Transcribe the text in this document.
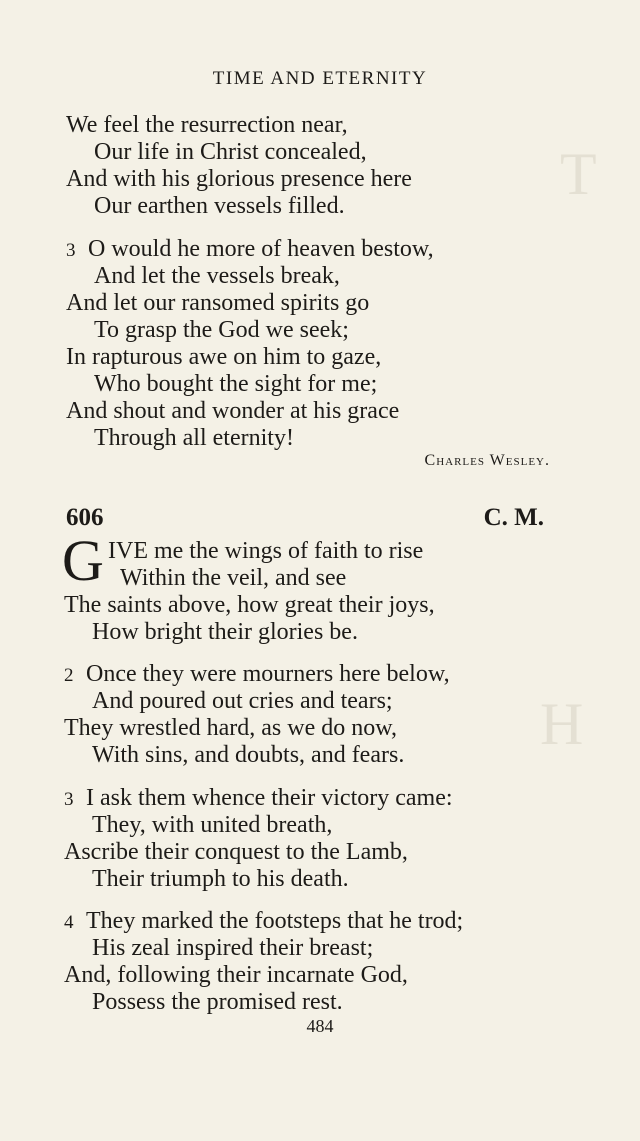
T
H
TIME AND ETERNITY
We feel the resurrection near,
Our life in Christ concealed,
And with his glorious presence here
Our earthen vessels filled.
3 O would he more of heaven bestow,
And let the vessels break,
And let our ransomed spirits go
To grasp the God we seek;
In rapturous awe on him to gaze,
Who bought the sight for me;
And shout and wonder at his grace
Through all eternity!
Charles Wesley.
606	C. M.
G IVE me the wings of faith to rise
Within the veil, and see
The saints above, how great their joys,
How bright their glories be.
2 Once they were mourners here below,
And poured out cries and tears;
They wrestled hard, as we do now,
With sins, and doubts, and fears.
3 I ask them whence their victory came:
They, with united breath,
Ascribe their conquest to the Lamb,
Their triumph to his death.
4 They marked the footsteps that he trod;
His zeal inspired their breast;
And, following their incarnate God,
Possess the promised rest.
484
